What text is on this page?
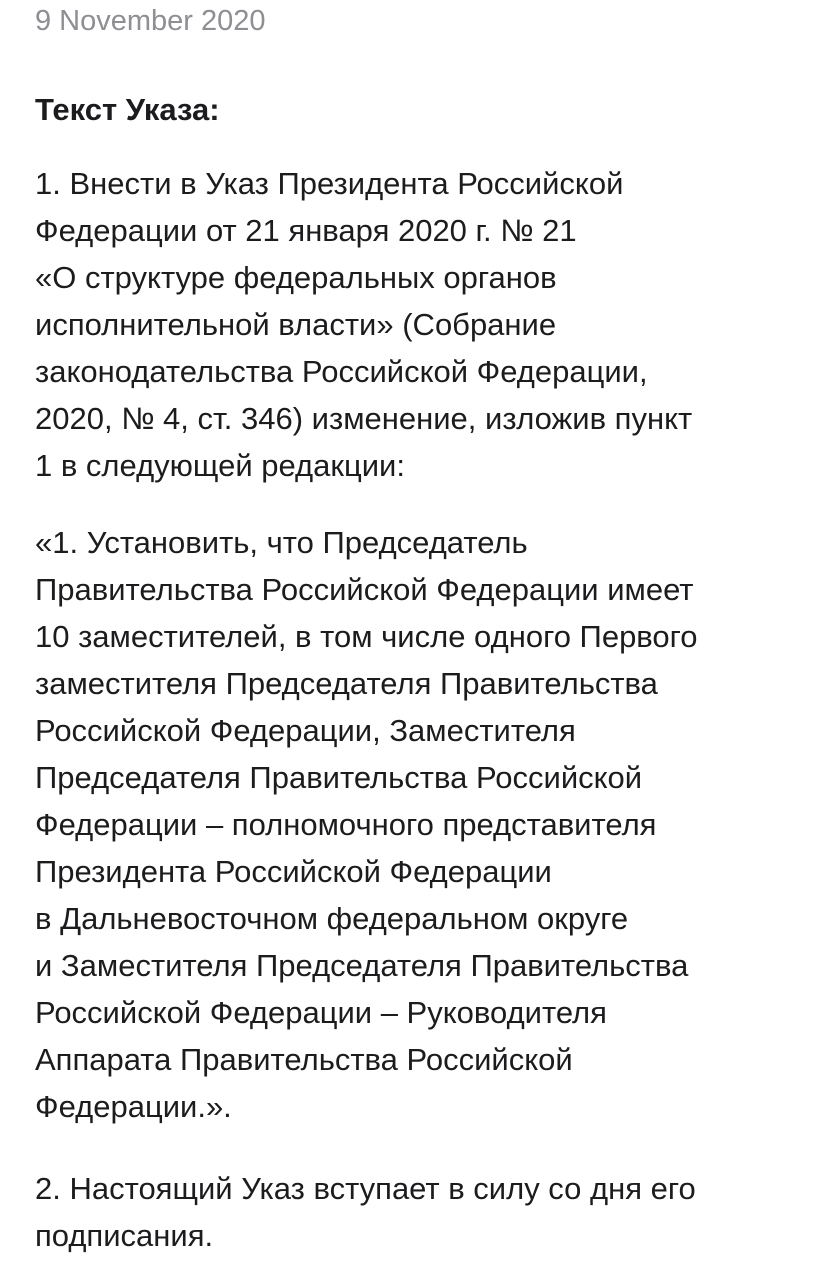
9 November 2020
Текст Указа:
1. Внести в Указ Президента Российской
Федерации от 21 января 2020 г. № 21
«О структуре федеральных органов
исполнительной власти» (Собрание
законодательства Российской Федерации,
2020, № 4, ст. 346) изменение, изложив пункт
1 в следующей редакции:
«1. Установить, что Председатель
Правительства Российской Федерации имеет
10 заместителей, в том числе одного Первого
заместителя Председателя Правительства
Российской Федерации, Заместителя
Председателя Правительства Российской
Федерации – полномочного представителя
Президента Российской Федерации
в Дальневосточном федеральном округе
и Заместителя Председателя Правительства
Российской Федерации – Руководителя
Аппарата Правительства Российской
Федерации.».
2. Настоящий Указ вступает в силу со дня его
подписания.
